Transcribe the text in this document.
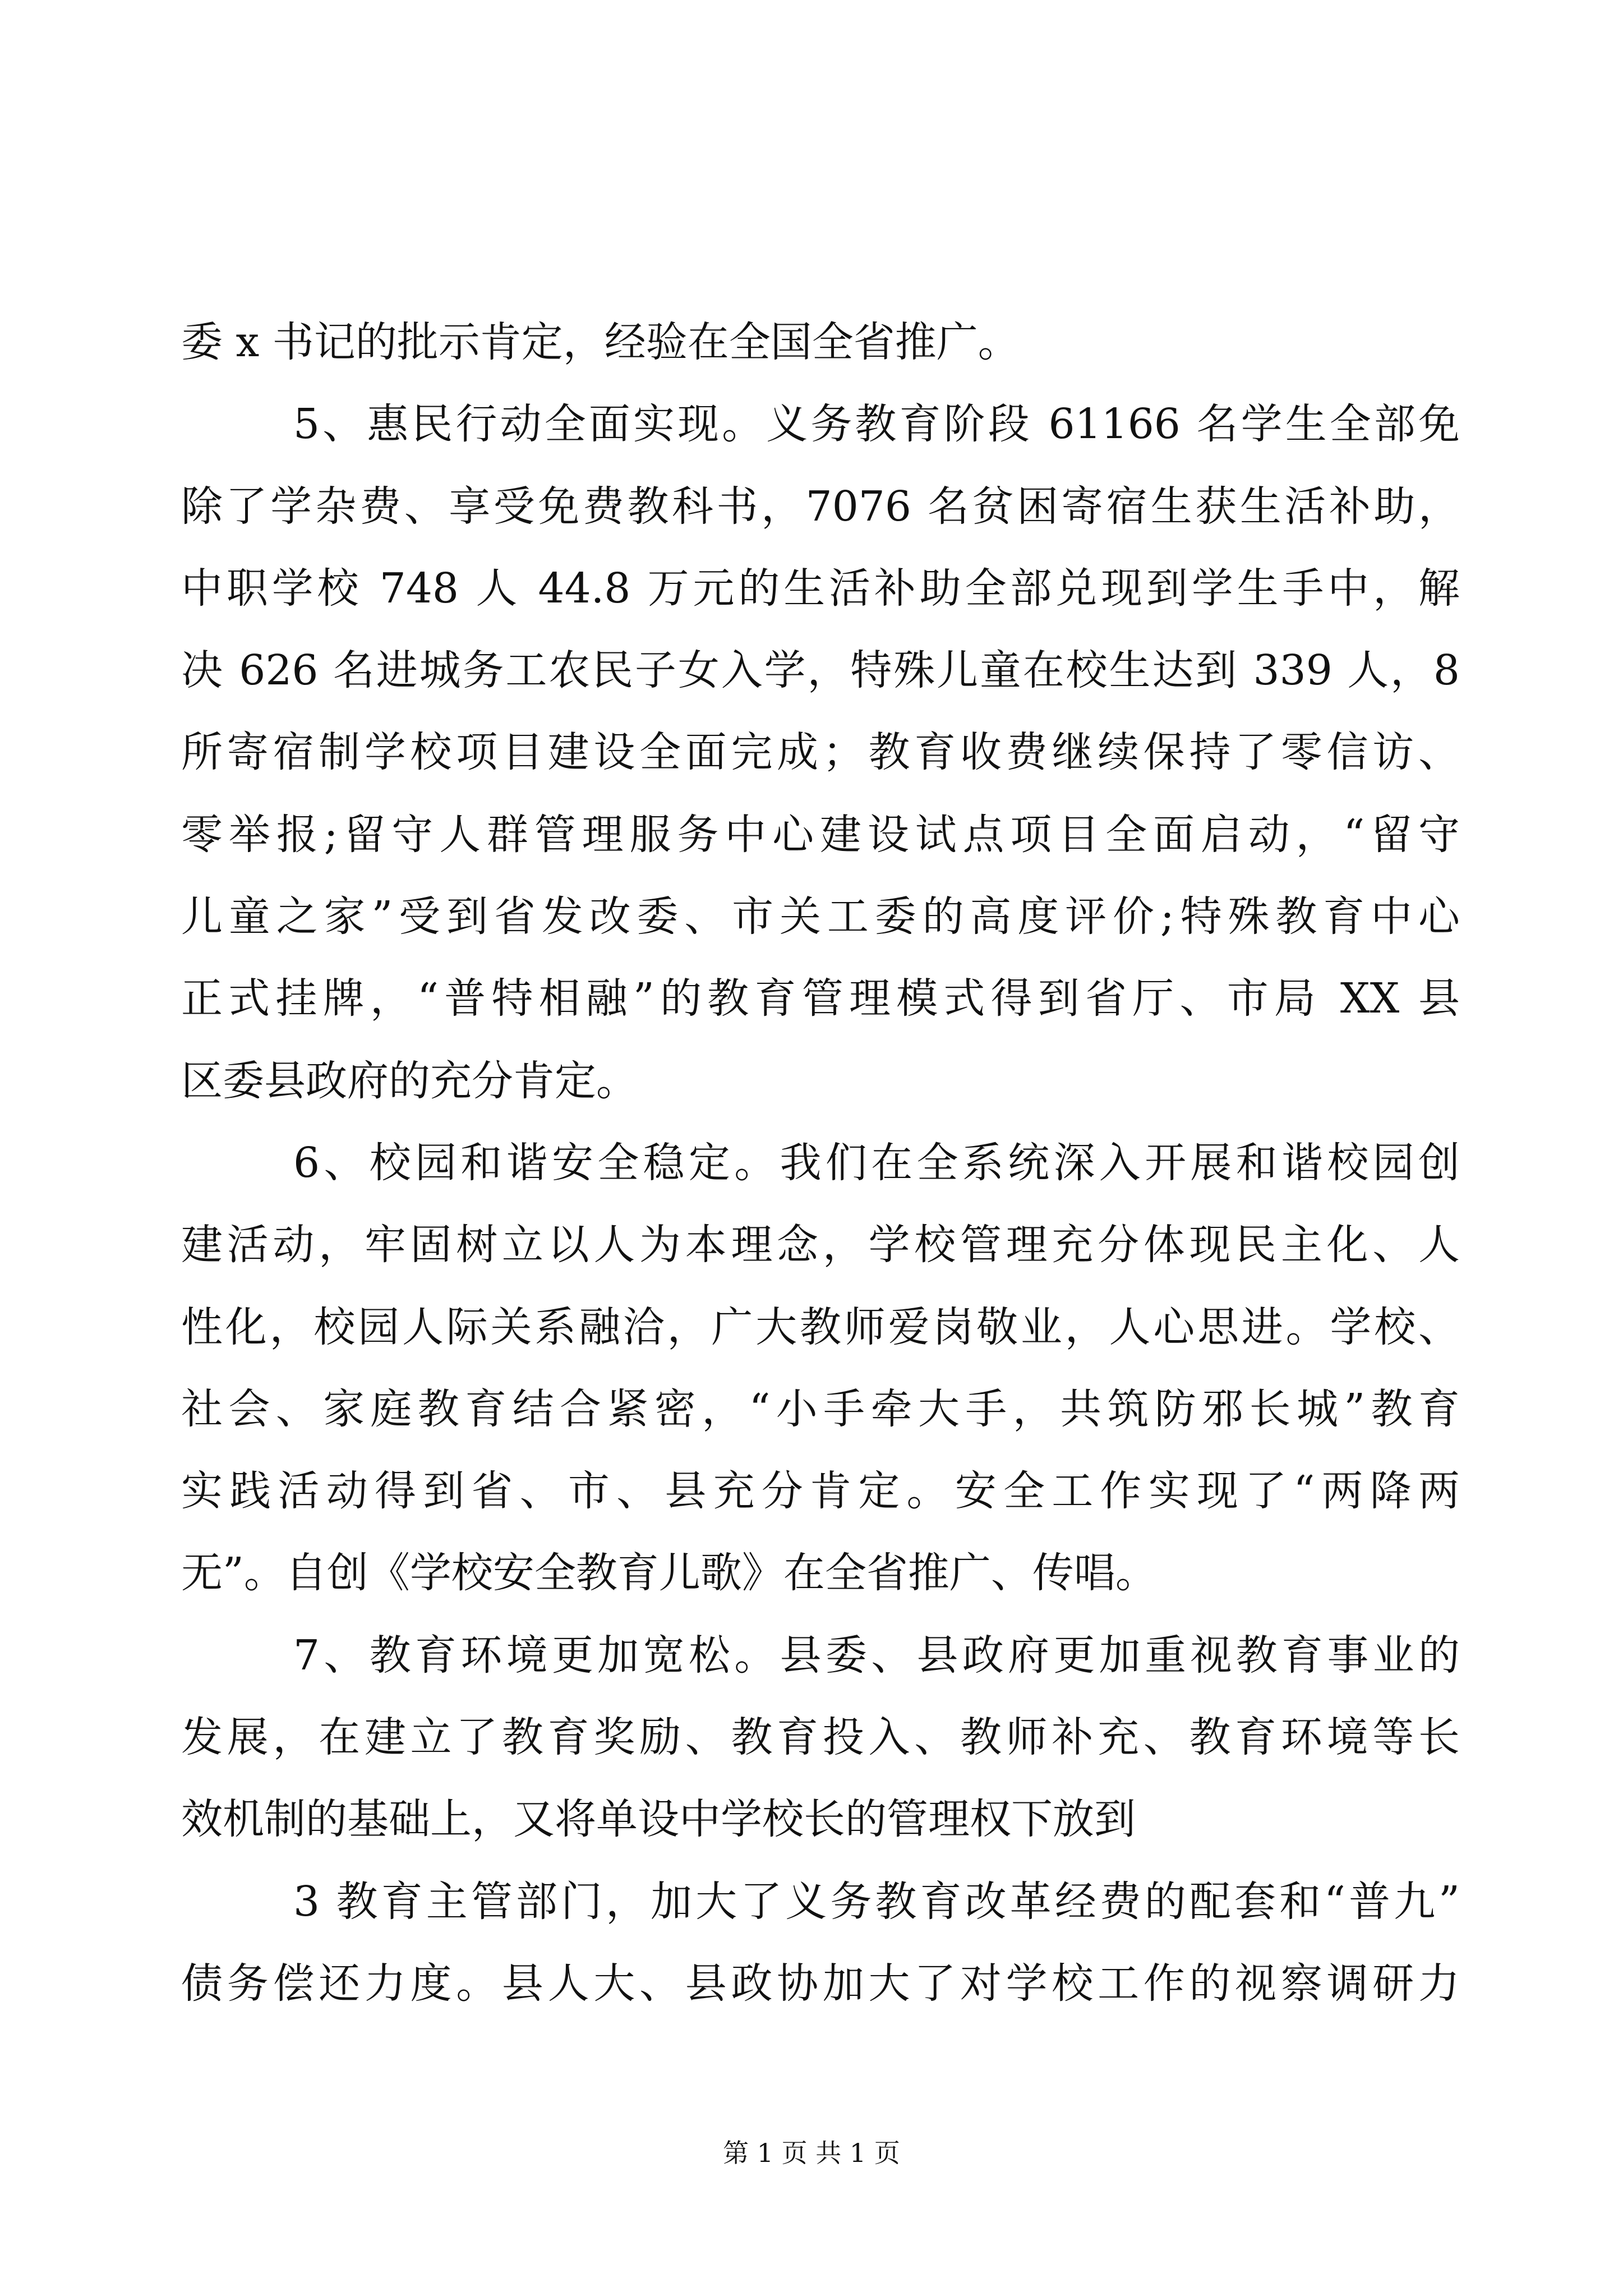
委 x 书记的批示肯定，经验在全国全省推广。
5、惠民行动全面实现。义务教育阶段 61166 名学生全部免
除了学杂费、享受免费教科书，7076 名贫困寄宿生获生活补助，
中职学校 748 人 44.8 万元的生活补助全部兑现到学生手中，解
决 626 名进城务工农民子女入学，特殊儿童在校生达到 339 人，8
所寄宿制学校项目建设全面完成；教育收费继续保持了零信访、
零举报;留守人群管理服务中心建设试点项目全面启动，“留守
儿童之家”受到省发改委、市关工委的高度评价;特殊教育中心
正式挂牌，“普特相融”的教育管理模式得到省厅、市局 XX 县
区委县政府的充分肯定。
6、校园和谐安全稳定。我们在全系统深入开展和谐校园创
建活动，牢固树立以人为本理念，学校管理充分体现民主化、人
性化，校园人际关系融洽，广大教师爱岗敬业，人心思进。学校、
社会、家庭教育结合紧密，“小手牵大手，共筑防邪长城”教育
实践活动得到省、市、县充分肯定。安全工作实现了“两降两
无”。自创《学校安全教育儿歌》在全省推广、传唱。
7、教育环境更加宽松。县委、县政府更加重视教育事业的
发展，在建立了教育奖励、教育投入、教师补充、教育环境等长
效机制的基础上，又将单设中学校长的管理权下放到
3 教育主管部门，加大了义务教育改革经费的配套和“普九”
债务偿还力度。县人大、县政协加大了对学校工作的视察调研力
第 1 页 共 1 页
